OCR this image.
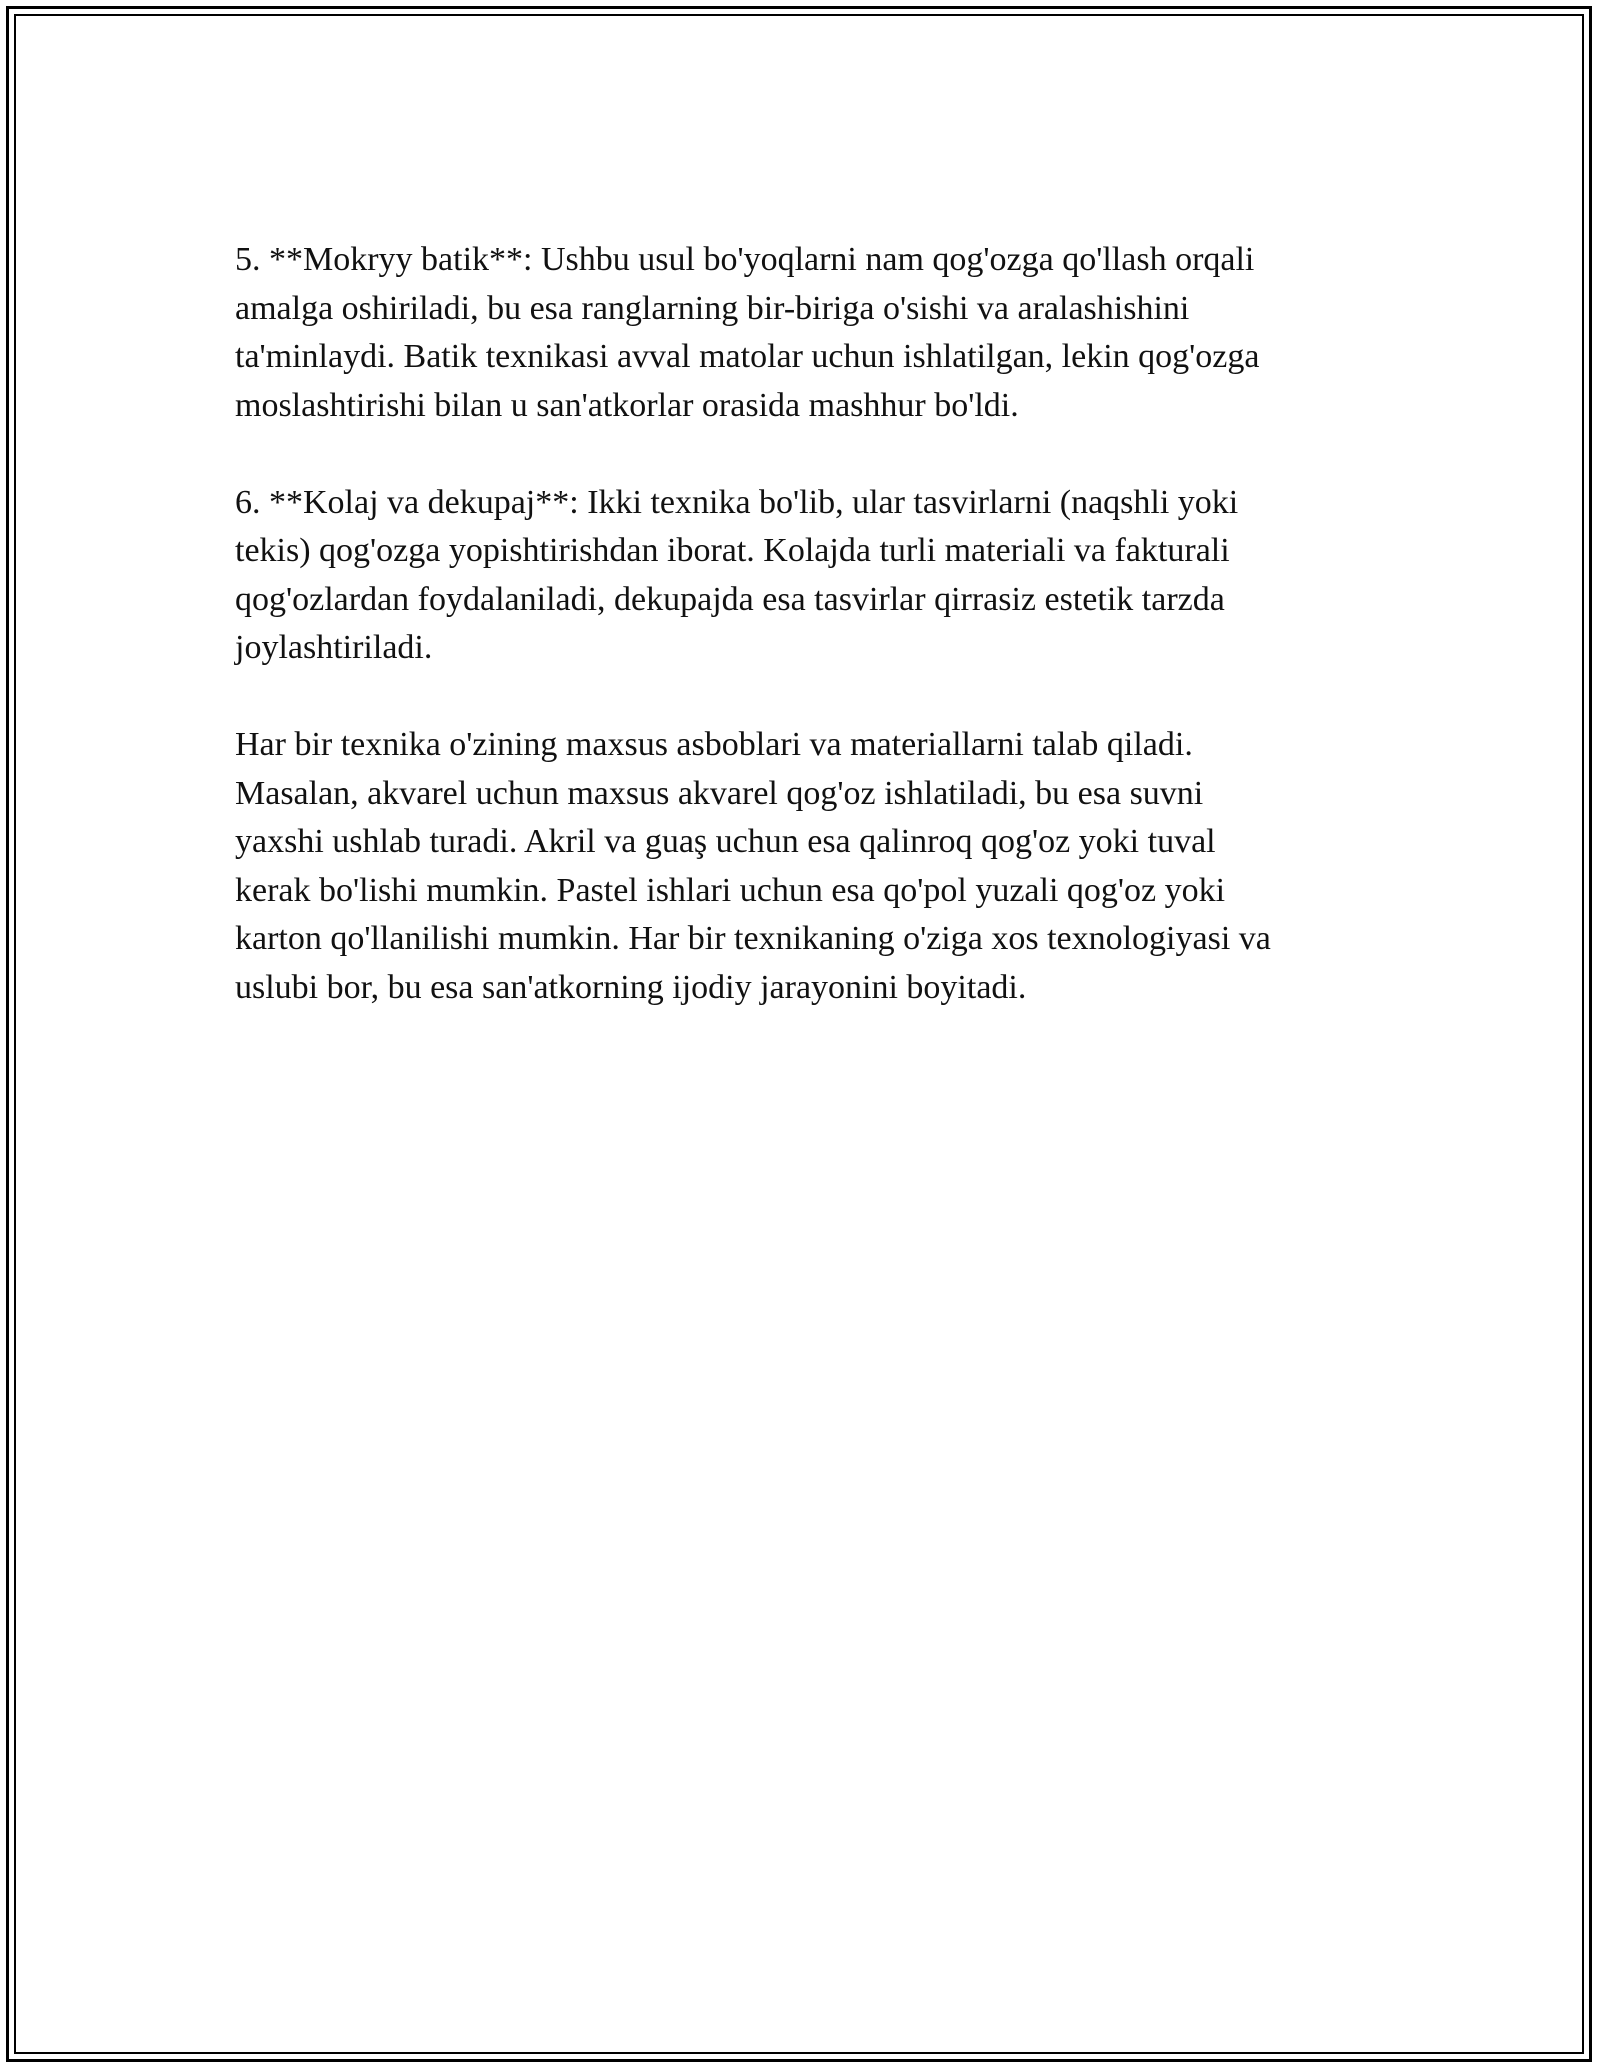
5. **Mokryy batik**: Ushbu usul bo'yoqlarni nam qog'ozga qo'llash orqali
amalga oshiriladi, bu esa ranglarning bir-biriga o'sishi va aralashishini
ta'minlaydi. Batik texnikasi avval matolar uchun ishlatilgan, lekin qog'ozga
moslashtirishi bilan u san'atkorlar orasida mashhur bo'ldi.

6. **Kolaj va dekupaj**: Ikki texnika bo'lib, ular tasvirlarni (naqshli yoki
tekis) qog'ozga yopishtirishdan iborat. Kolajda turli materiali va fakturali
qog'ozlardan foydalaniladi, dekupajda esa tasvirlar qirrasiz estetik tarzda
joylashtiriladi.

Har bir texnika o'zining maxsus asboblari va materiallarni talab qiladi.
Masalan, akvarel uchun maxsus akvarel qog'oz ishlatiladi, bu esa suvni
yaxshi ushlab turadi. Akril va guaş uchun esa qalinroq qog'oz yoki tuval
kerak bo'lishi mumkin. Pastel ishlari uchun esa qo'pol yuzali qog'oz yoki
karton qo'llanilishi mumkin. Har bir texnikaning o'ziga xos texnologiyasi va
uslubi bor, bu esa san'atkorning ijodiy jarayonini boyitadi.
